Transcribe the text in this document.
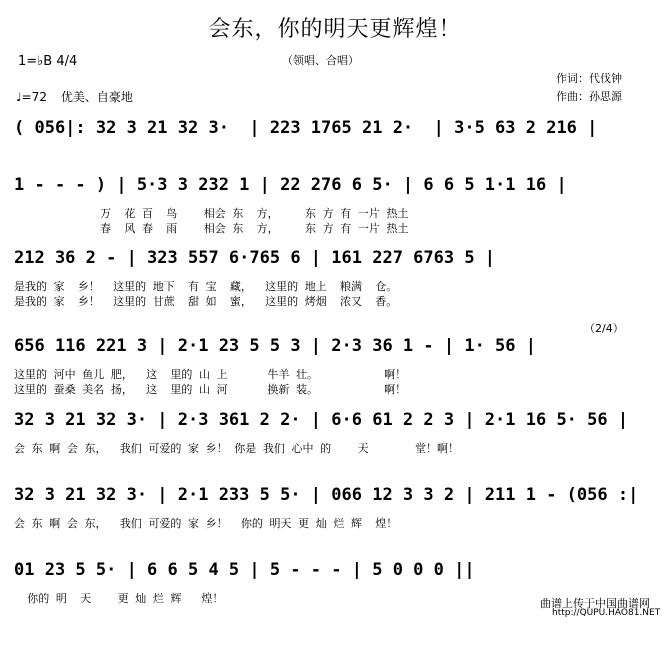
会东，你的明天更辉煌！
（领唱、合唱）
作词：代伐钟
作曲：孙思源
1=♭B 4/4
♩=72 优美、自豪地
曲谱上传于中国曲谱网
http://QUPU.HAO81.NET
（2/4）
( 056|: 32 3 21 32 3·  | 223 1765 21 2·  | 3·5 63 2 216 |
1 - - - ) | 5·3 3 232 1 | 22 276 6 5· | 6 6 5 1·1 16 |
万  花 百  鸟    相会 东  方，    东 方 有 一片 热土
春  风 春  雨    相会 东  方，    东 方 有 一片 热土
212 36 2 - | 323 557 6·765 6 | 161 227 6763 5 |
是我的 家  乡！  这里的 地下  有 宝  藏，  这里的 地上  粮满  仓。
是我的 家  乡！  这里的 甘蔗  甜 如  蜜，  这里的 烤烟  浓又  香。
656 116 221 3 | 2·1 23 5 5 3 | 2·3 36 1 - | 1· 56 |
这里的 河中 鱼儿 肥，  这  里的 山 上      牛羊 壮。          啊！
这里的 蚕桑 美名 扬，  这  里的 山 河      换新 装。          啊！
32 3 21 32 3· | 2·3 361 2 2· | 6·6 61 2 2 3 | 2·1 16 5· 56 |
会 东 啊 会 东，  我们 可爱的 家 乡！ 你是 我们 心中 的    天       堂！啊！
32 3 21 32 3· | 2·1 233 5 5· | 066 12 3 3 2 | 211 1 - (056 :|
会 东 啊 会 东，  我们 可爱的 家 乡！  你的 明天 更 灿 烂 辉  煌！
01 23 5 5· | 6 6 5 4 5 | 5 - - - | 5 0 0 0 ||
你的 明  天    更 灿 烂 辉   煌！
